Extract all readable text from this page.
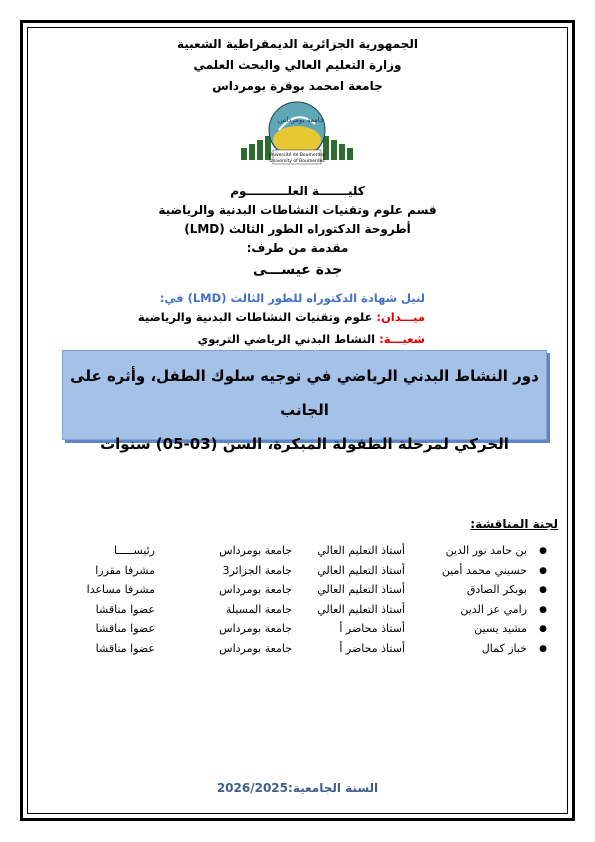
الجمهورية الجزائرية الديمقراطية الشعبية
وزارة التعليم العالي والبحث العلمي
جامعة امحمد بوقرة بومرداس
Université de Boumerdes
University of Boumerdes
جامعة بومرداس
كليـــــــة العلــــــــــوم
قسم علوم وتقنيات النشاطات البدنية والرياضية
أطروحة الدكتوراه الطور الثالث (LMD)
مقدمة من طرف:
جدة عيســـى
لنيل شهادة الدكتوراه للطور الثالث (LMD) في:
ميـــدان: علوم وتقنيات النشاطات البدنية والرياضية
شعبـــة: النشاط البدني الرياضي التربوي
دور النشاط البدني الرياضي في توجيه سلوك الطفل، وأثره على الجانب
الحركي لمرحلة الطفولة المبكرة، السن (03-05) سنوات
لجنة المناقشة:
●
بن حامد نور الدين
أستاذ التعليم العالي
جامعة بومرداس
رئيســـــا
●
حسيني محمد أمين
أستاذ التعليم العالي
جامعة الجزائر3
مشرفا مقررا
●
بوبكر الصادق
أستاذ التعليم العالي
جامعة بومرداس
مشرفا مساعدا
●
رامي عز الدين
أستاذ التعليم العالي
جامعة المسيلة
عضوا مناقشا
●
مشيد يسين
أستاذ محاضر أ
جامعة بومرداس
عضوا مناقشا
●
خباز كمال
أستاذ محاضر أ
جامعة بومرداس
عضوا مناقشا
السنة الجامعية:2026/2025
